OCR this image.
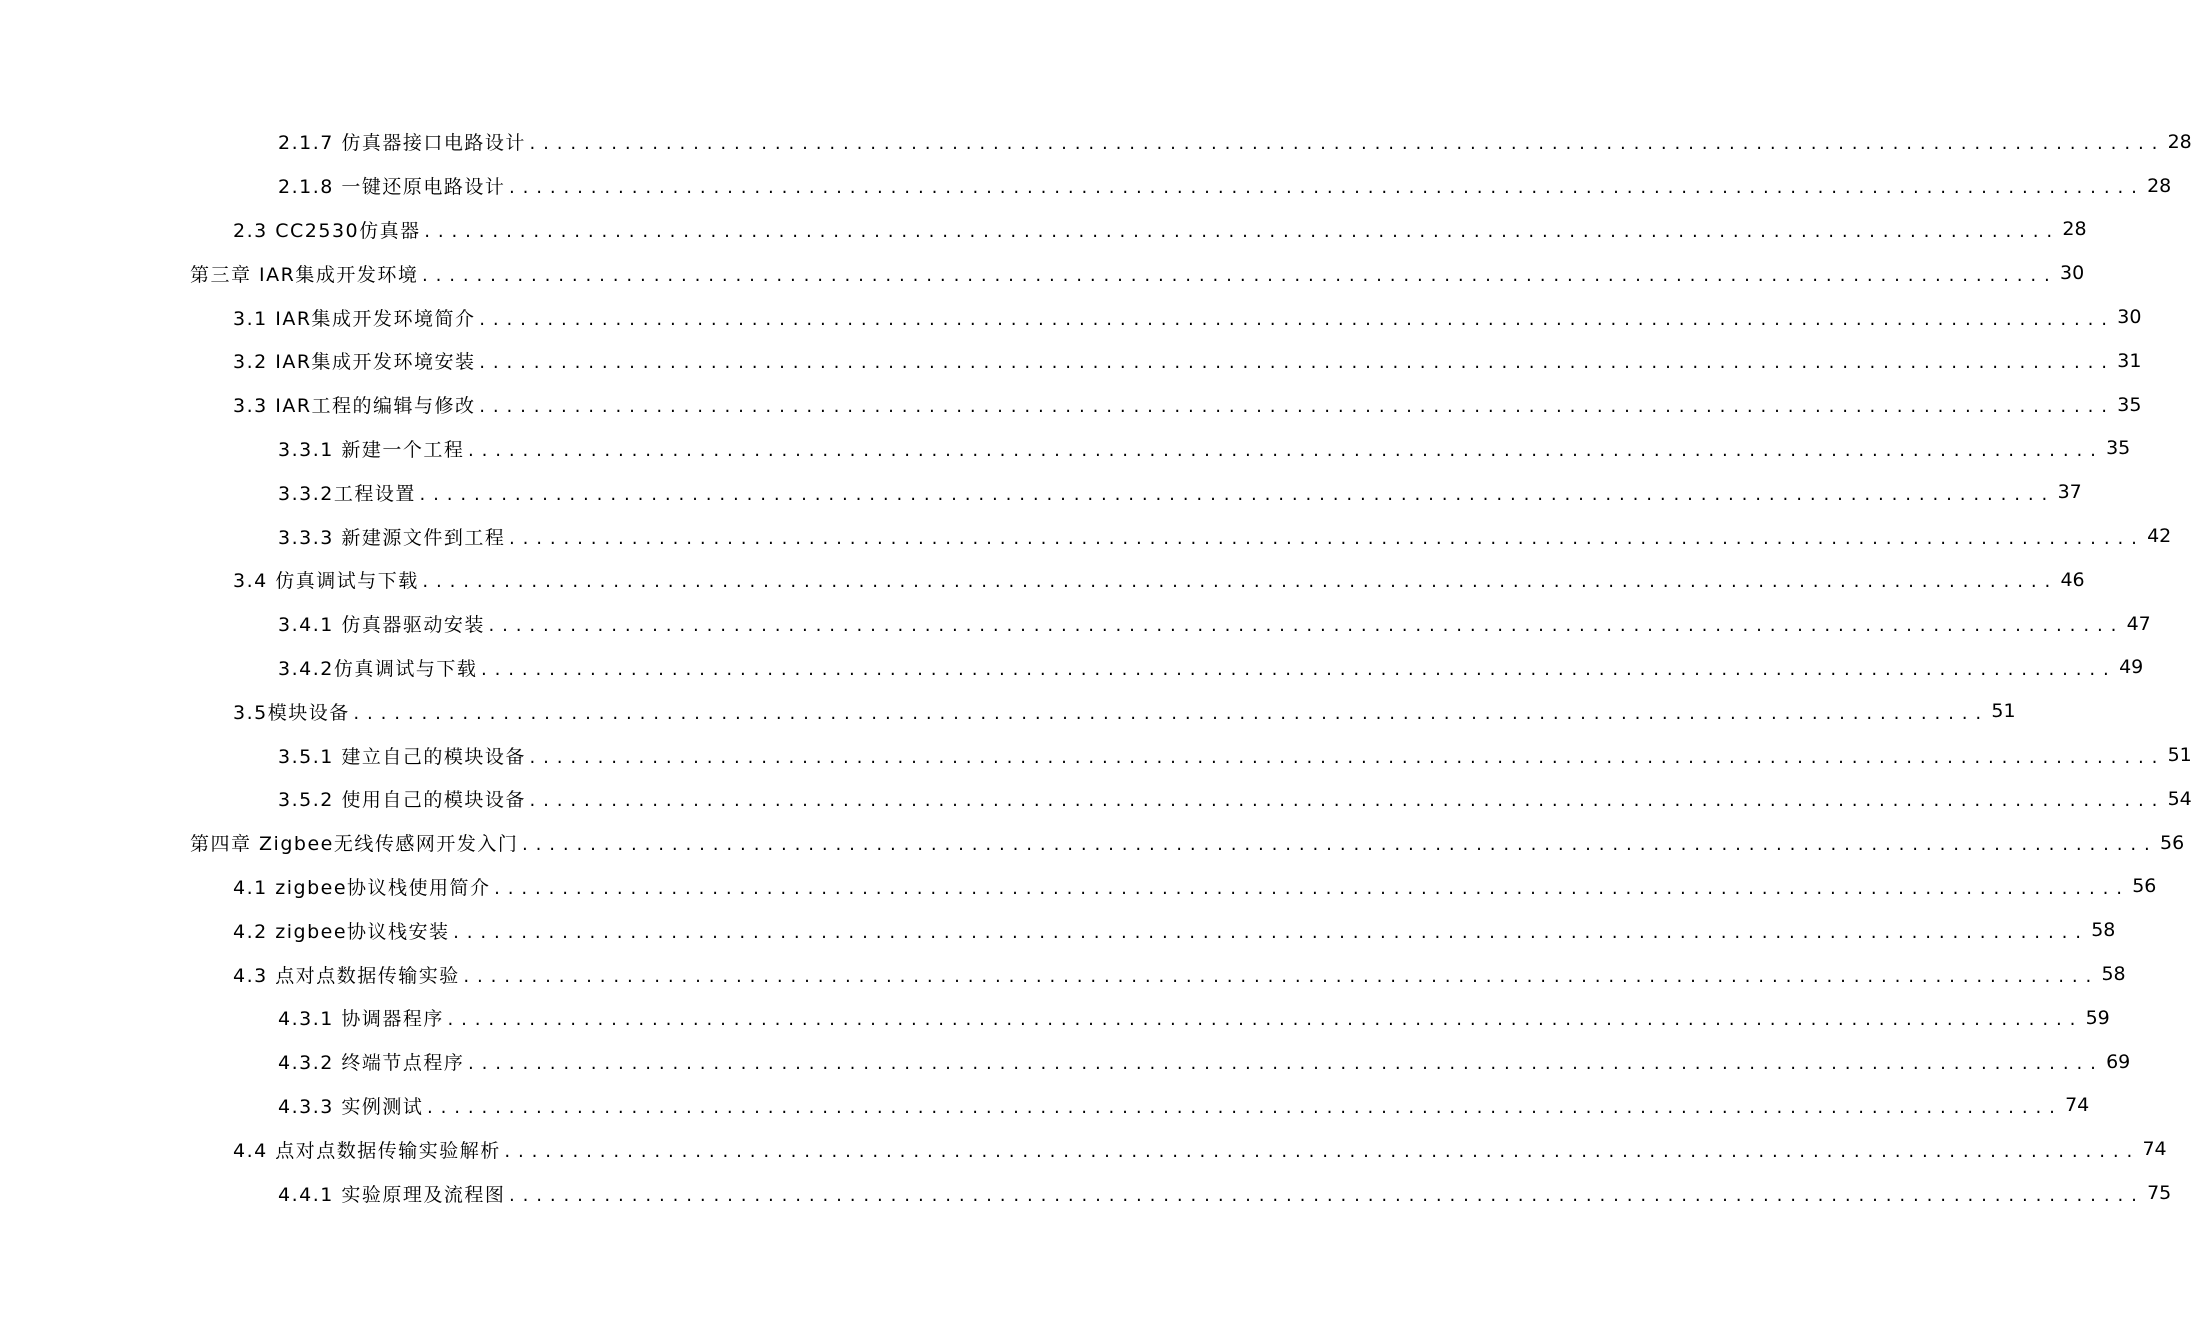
2.1.7 仿真器接口电路设计 ........................................................................................................................ 28
2.1.8 一键还原电路设计 ........................................................................................................................ 28
2.3 CC2530仿真器 ........................................................................................................................ 28
第三章 IAR集成开发环境 ........................................................................................................................ 30
3.1 IAR集成开发环境简介 ........................................................................................................................ 30
3.2 IAR集成开发环境安装 ........................................................................................................................ 31
3.3 IAR工程的编辑与修改 ........................................................................................................................ 35
3.3.1 新建一个工程 ........................................................................................................................ 35
3.3.2工程设置 ........................................................................................................................ 37
3.3.3 新建源文件到工程 ........................................................................................................................ 42
3.4 仿真调试与下载 ........................................................................................................................ 46
3.4.1 仿真器驱动安装 ........................................................................................................................ 47
3.4.2仿真调试与下载 ........................................................................................................................ 49
3.5模块设备 ........................................................................................................................ 51
3.5.1 建立自己的模块设备 ........................................................................................................................ 51
3.5.2 使用自己的模块设备 ........................................................................................................................ 54
第四章 Zigbee无线传感网开发入门 ........................................................................................................................ 56
4.1 zigbee协议栈使用简介 ........................................................................................................................ 56
4.2 zigbee协议栈安装 ........................................................................................................................ 58
4.3 点对点数据传输实验 ........................................................................................................................ 58
4.3.1 协调器程序 ........................................................................................................................ 59
4.3.2 终端节点程序 ........................................................................................................................ 69
4.3.3 实例测试 ........................................................................................................................ 74
4.4 点对点数据传输实验解析 ........................................................................................................................ 74
4.4.1 实验原理及流程图 ........................................................................................................................ 75
